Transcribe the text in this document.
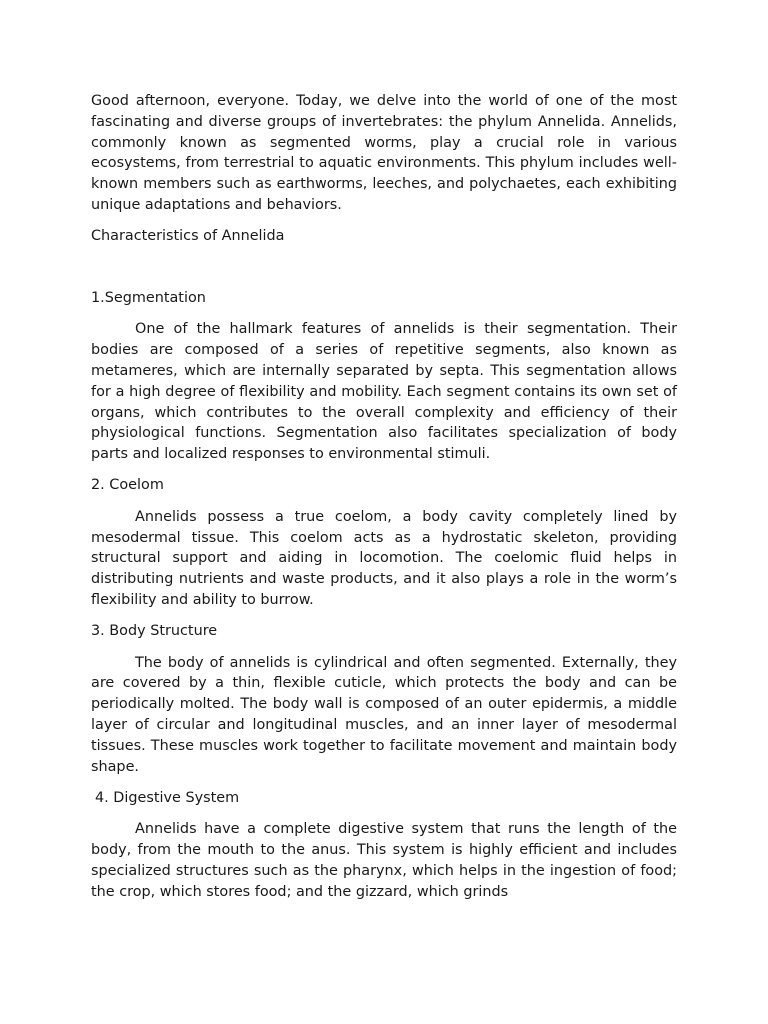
Good afternoon, everyone. Today, we delve into the world of one of the most fascinating and diverse groups of invertebrates: the phylum Annelida. Annelids, commonly known as segmented worms, play a crucial role in various ecosystems, from terrestrial to aquatic environments. This phylum includes well-known members such as earthworms, leeches, and polychaetes, each exhibiting unique adaptations and behaviors.

Characteristics of Annelida

1.Segmentation

One of the hallmark features of annelids is their segmentation. Their bodies are composed of a series of repetitive segments, also known as metameres, which are internally separated by septa. This segmentation allows for a high degree of flexibility and mobility. Each segment contains its own set of organs, which contributes to the overall complexity and efficiency of their physiological functions. Segmentation also facilitates specialization of body parts and localized responses to environmental stimuli.

2. Coelom

Annelids possess a true coelom, a body cavity completely lined by mesodermal tissue. This coelom acts as a hydrostatic skeleton, providing structural support and aiding in locomotion. The coelomic fluid helps in distributing nutrients and waste products, and it also plays a role in the worm’s flexibility and ability to burrow.

3. Body Structure

The body of annelids is cylindrical and often segmented. Externally, they are covered by a thin, flexible cuticle, which protects the body and can be periodically molted. The body wall is composed of an outer epidermis, a middle layer of circular and longitudinal muscles, and an inner layer of mesodermal tissues. These muscles work together to facilitate movement and maintain body shape.

4. Digestive System

Annelids have a complete digestive system that runs the length of the body, from the mouth to the anus. This system is highly efficient and includes specialized structures such as the pharynx, which helps in the ingestion of food; the crop, which stores food; and the gizzard, which grinds
